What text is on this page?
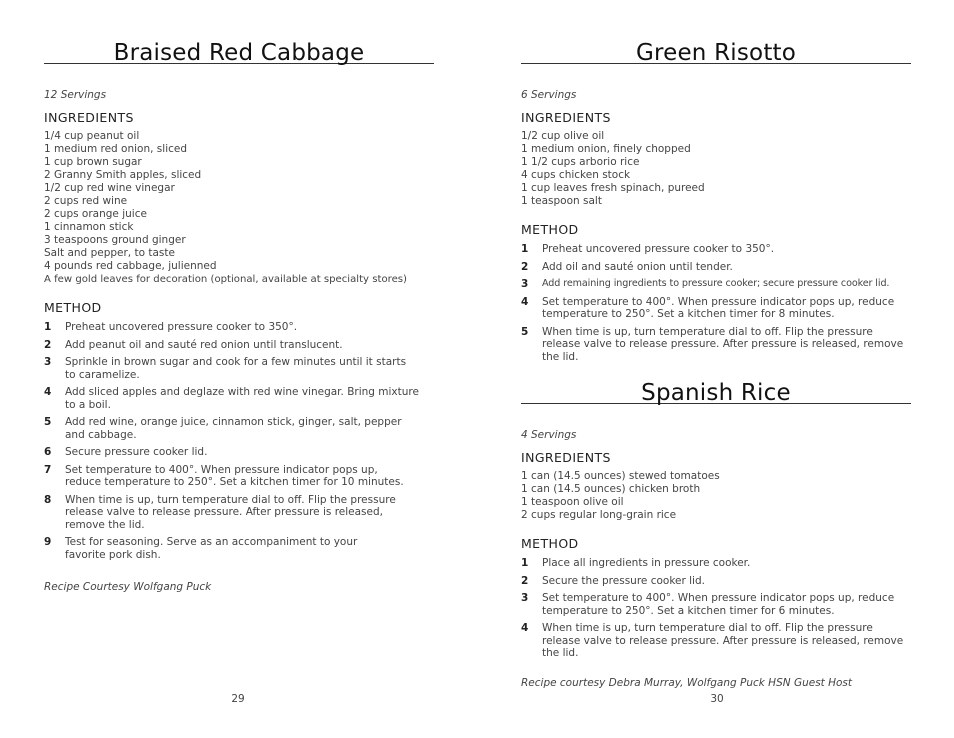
Braised Red Cabbage
12 Servings
INGREDIENTS
1/4 cup peanut oil
1 medium red onion, sliced
1 cup brown sugar
2 Granny Smith apples, sliced
1/2 cup red wine vinegar
2 cups red wine
2 cups orange juice
1 cinnamon stick
3 teaspoons ground ginger
Salt and pepper, to taste
4 pounds red cabbage, julienned
A few gold leaves for decoration (optional, available at specialty stores)
METHOD
1	Preheat uncovered pressure cooker to 350°.
2	Add peanut oil and sauté red onion until translucent.
3	Sprinkle in brown sugar and cook for a few minutes until it starts to caramelize.
4	Add sliced apples and deglaze with red wine vinegar. Bring mixture to a boil.
5	Add red wine, orange juice, cinnamon stick, ginger, salt, pepper and cabbage.
6	Secure pressure cooker lid.
7	Set temperature to 400°. When pressure indicator pops up, reduce temperature to 250°. Set a kitchen timer for 10 minutes.
8	When time is up, turn temperature dial to off. Flip the pressure release valve to release pressure. After pressure is released, remove the lid.
9	Test for seasoning. Serve as an accompaniment to your favorite pork dish.
Recipe Courtesy Wolfgang Puck
29
Green Risotto
6 Servings
INGREDIENTS
1/2 cup olive oil
1 medium onion, finely chopped
1 1/2 cups arborio rice
4 cups chicken stock
1 cup leaves fresh spinach, pureed
1 teaspoon salt
METHOD
1	Preheat uncovered pressure cooker to 350°.
2	Add oil and sauté onion until tender.
3	Add remaining ingredients to pressure cooker; secure pressure cooker lid.
4	Set temperature to 400°. When pressure indicator pops up, reduce temperature to 250°. Set a kitchen timer for 8 minutes.
5	When time is up, turn temperature dial to off. Flip the pressure release valve to release pressure. After pressure is released, remove the lid.
Spanish Rice
4 Servings
INGREDIENTS
1 can (14.5 ounces) stewed tomatoes
1 can (14.5 ounces) chicken broth
1 teaspoon olive oil
2 cups regular long-grain rice
METHOD
1	Place all ingredients in pressure cooker.
2	Secure the pressure cooker lid.
3	Set temperature to 400°. When pressure indicator pops up, reduce temperature to 250°. Set a kitchen timer for 6 minutes.
4	When time is up, turn temperature dial to off. Flip the pressure release valve to release pressure. After pressure is released, remove the lid.
Recipe courtesy Debra Murray, Wolfgang Puck HSN Guest Host
30
